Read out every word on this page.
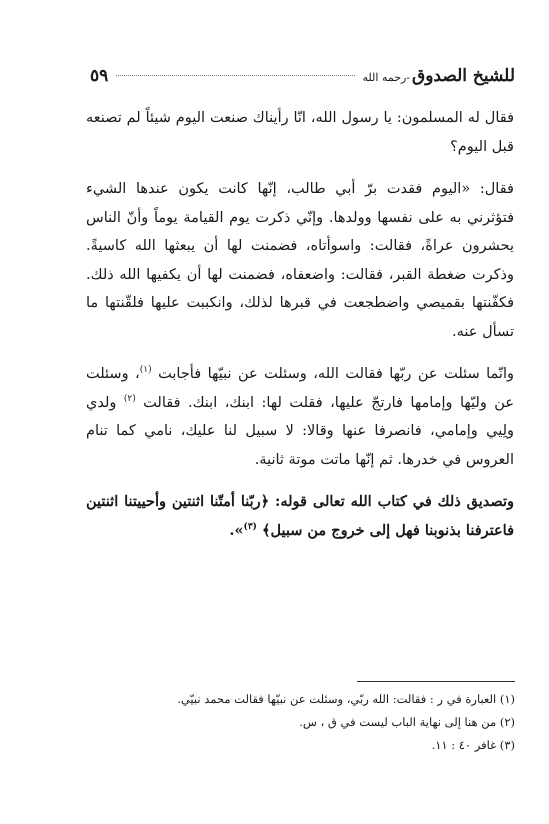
للشيخ الصدوق
-رحمه الله
٥٩

فقال له المسلمون: يا رسول الله، انّا رأيناك صنعت اليوم شيئاً لم تصنعه قبل اليوم؟

فقال: «اليوم فقدت برّ أبي طالب، إنّها كانت يكون عندها الشيء فتؤثرني به على نفسها وولدها. وإنّي ذكرت يوم القيامة يوماً وأنّ الناس يحشرون عراةً، فقالت: واسوأتاه، فضمنت لها أن يبعثها الله كاسيةً. وذكرت ضغطة القبر، فقالت: واضعفاه، فضمنت لها أن يكفيها الله ذلك. فكفّنتها بقميصي واضطجعت في قبرها لذلك، وانكببت عليها فلقّنتها ما تسأل عنه.

وانّما سئلت عن ربّها فقالت الله، وسئلت عن نبيّها فأجابت $^{(١)}$، وسئلت عن وليّها وإمامها فارتجّ عليها، فقلت لها: ابنك، ابنك. فقالت $^{(٢)}$ ولدي ولِيي وإمامي، فانصرفا عنها وقالا: لا سبيل لنا عليك، نامي كما تنام العروس في خدرها. ثم إنّها ماتت موتة ثانية.

وتصديق ذلك في كتاب الله تعالى قوله: ﴿ربّنا أمتّنا اثنتين وأحييتنا اثنتين فاعترفنا بذنوبنا فهل إلى خروج من سبيل﴾ $^{(٣)}$».

(١) العبارة في ر : فقالت: الله ربّي، وسئلت عن نبيّها فقالت محمد نبيّي.
(٢) من هنا إلى نهاية الباب ليست في ق ، س.
(٣) غافر ٤٠ : ١١.
